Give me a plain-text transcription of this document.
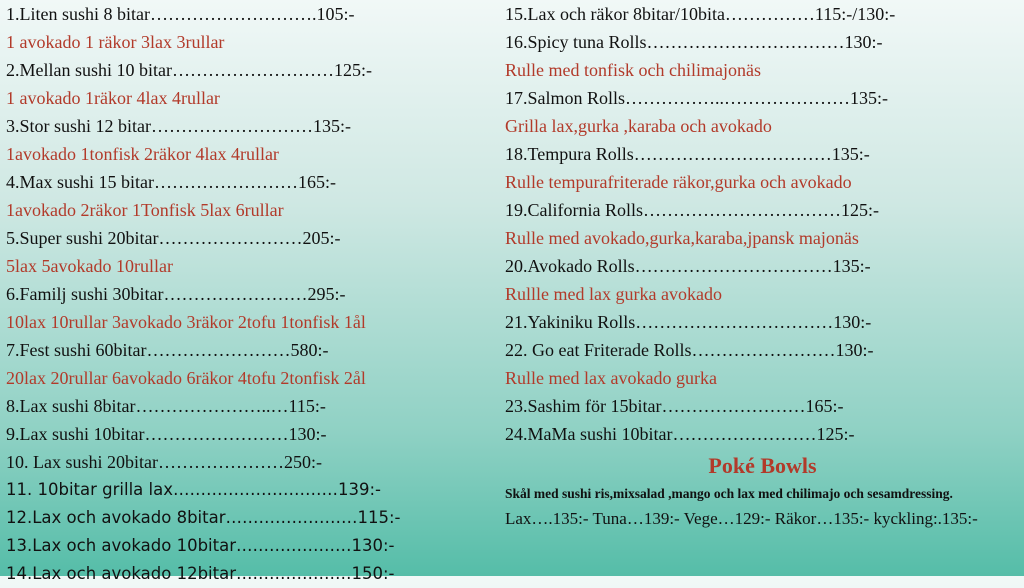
1.Liten sushi 8 bitar……………………….105:-
1 avokado 1 räkor 3lax 3rullar
2.Mellan sushi 10 bitar………………………125:-
1 avokado 1räkor 4lax 4rullar
3.Stor sushi 12 bitar………………………135:-
1avokado 1tonfisk 2räkor 4lax 4rullar
4.Max sushi 15 bitar……………………165:-
1avokado 2räkor 1Tonfisk 5lax 6rullar
5.Super sushi 20bitar……………………205:-
5lax 5avokado 10rullar
6.Familj sushi 30bitar……………………295:-
10lax 10rullar 3avokado 3räkor 2tofu 1tonfisk 1ål
7.Fest sushi 60bitar……………………580:-
20lax 20rullar 6avokado 6räkor 4tofu 2tonfisk 2ål
8.Lax sushi 8bitar…………………..…115:-
9.Lax sushi 10bitar……………………130:-
10. Lax sushi 20bitar…………………250:-
11. 10bitar grilla lax…………………………139:-
12.Lax och avokado 8bitar……………………115:-
13.Lax och avokado 10bitar…………………130:-
14.Lax och avokado 12bitar…………………150:-
15.Lax och räkor 8bitar/10bita……………115:-/130:-
16.Spicy tuna Rolls……………………………130:-
Rulle med tonfisk och chilimajonäs
17.Salmon Rolls……………..…………………135:-
Grilla lax,gurka ,karaba och avokado
18.Tempura Rolls……………………………135:-
Rulle tempurafriterade räkor,gurka och avokado
19.California Rolls……………………………125:-
Rulle med avokado,gurka,karaba,jpansk majonäs
20.Avokado Rolls……………………………135:-
Rullle med lax gurka avokado
21.Yakiniku Rolls……………………………130:-
22. Go eat Friterade Rolls……………………130:-
Rulle med lax avokado gurka
23.Sashim för 15bitar……………………165:-
24.MaMa sushi 10bitar……………………125:-
Poké Bowls
Skål med sushi ris,mixsalad ,mango och lax med chilimajo och sesamdressing.
Lax….135:- Tuna…139:- Vege…129:- Räkor…135:- kyckling:.135:-
